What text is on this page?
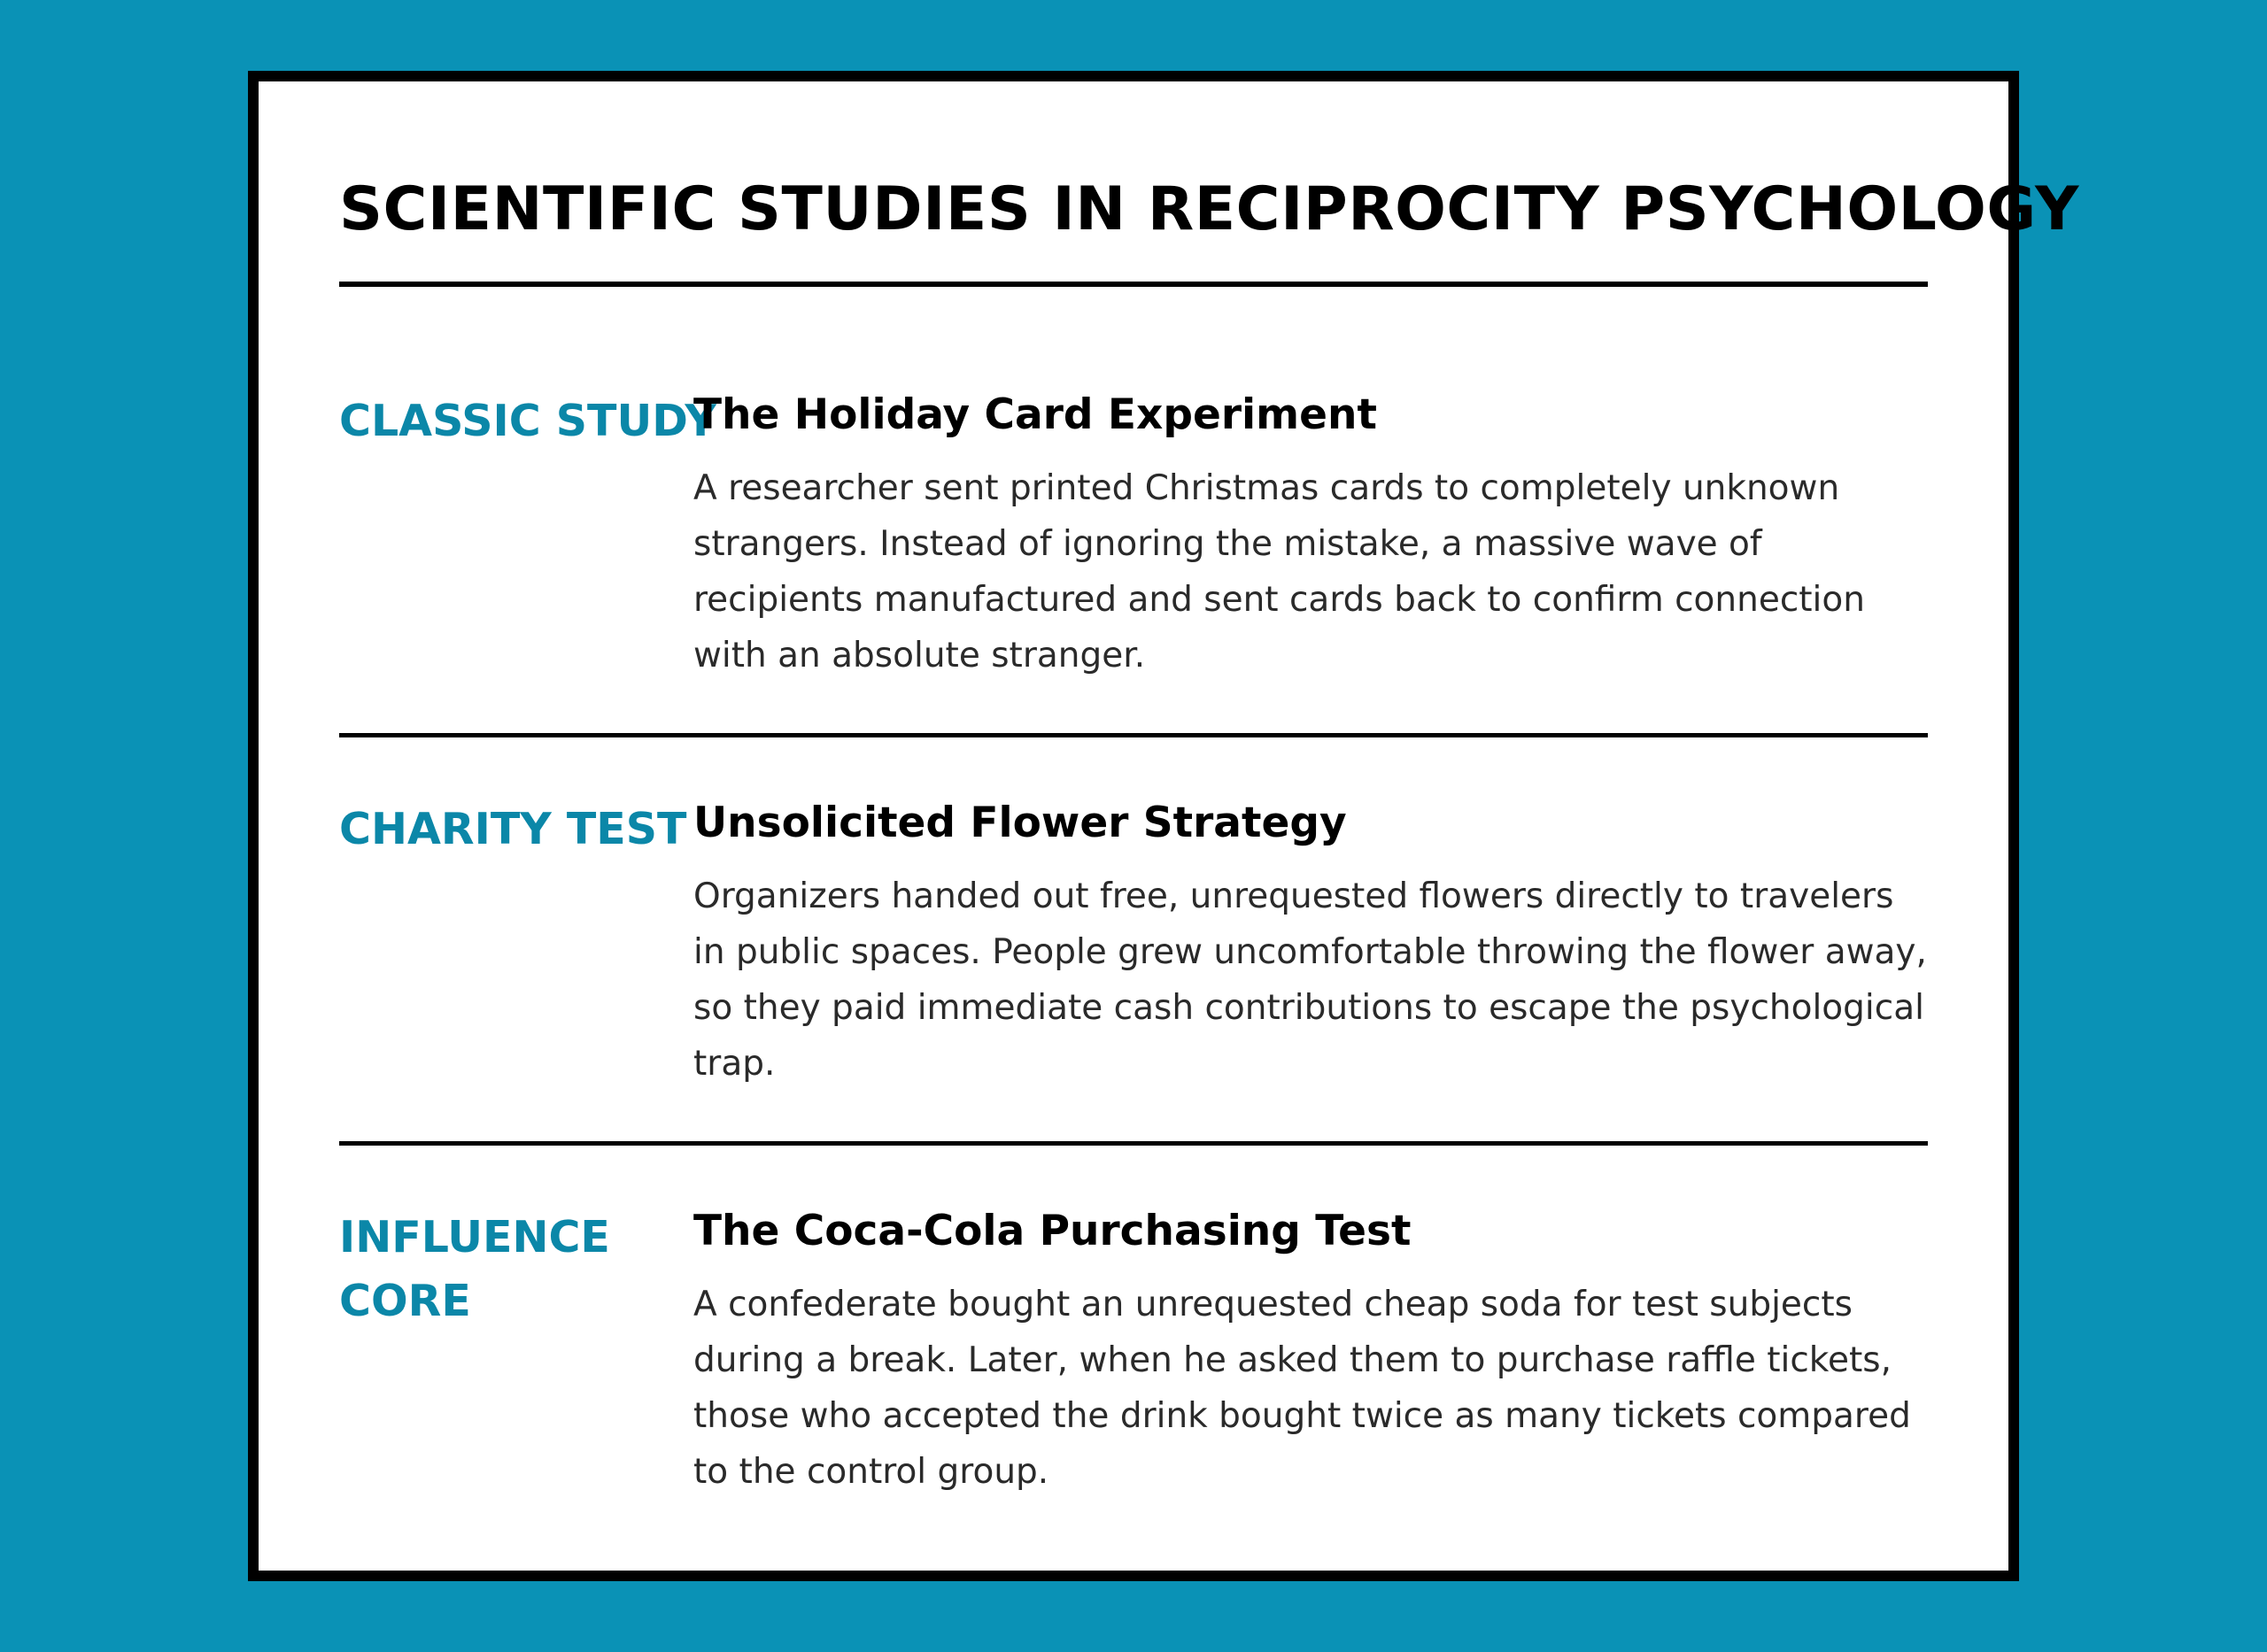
SCIENTIFIC STUDIES IN RECIPROCITY PSYCHOLOGY
CLASSIC STUDY
The Holiday Card Experiment

A researcher sent printed Christmas cards to completely unknown strangers. Instead of ignoring the mistake, a massive wave of recipients manufactured and sent cards back to confirm connection with an absolute stranger.

CHARITY TEST Unsolicited Flower Strategy

Organizers handed out free, unrequested flowers directly to travelers in public spaces. People grew uncomfortable throwing the flower away, so they paid immediate cash contributions to escape the psychological trap.

INFLUENCE CORE
The Coca-Cola Purchasing Test

A confederate bought an unrequested cheap soda for test subjects during a break. Later, when he asked them to purchase raffle tickets, those who accepted the drink bought twice as many tickets compared to the control group.
